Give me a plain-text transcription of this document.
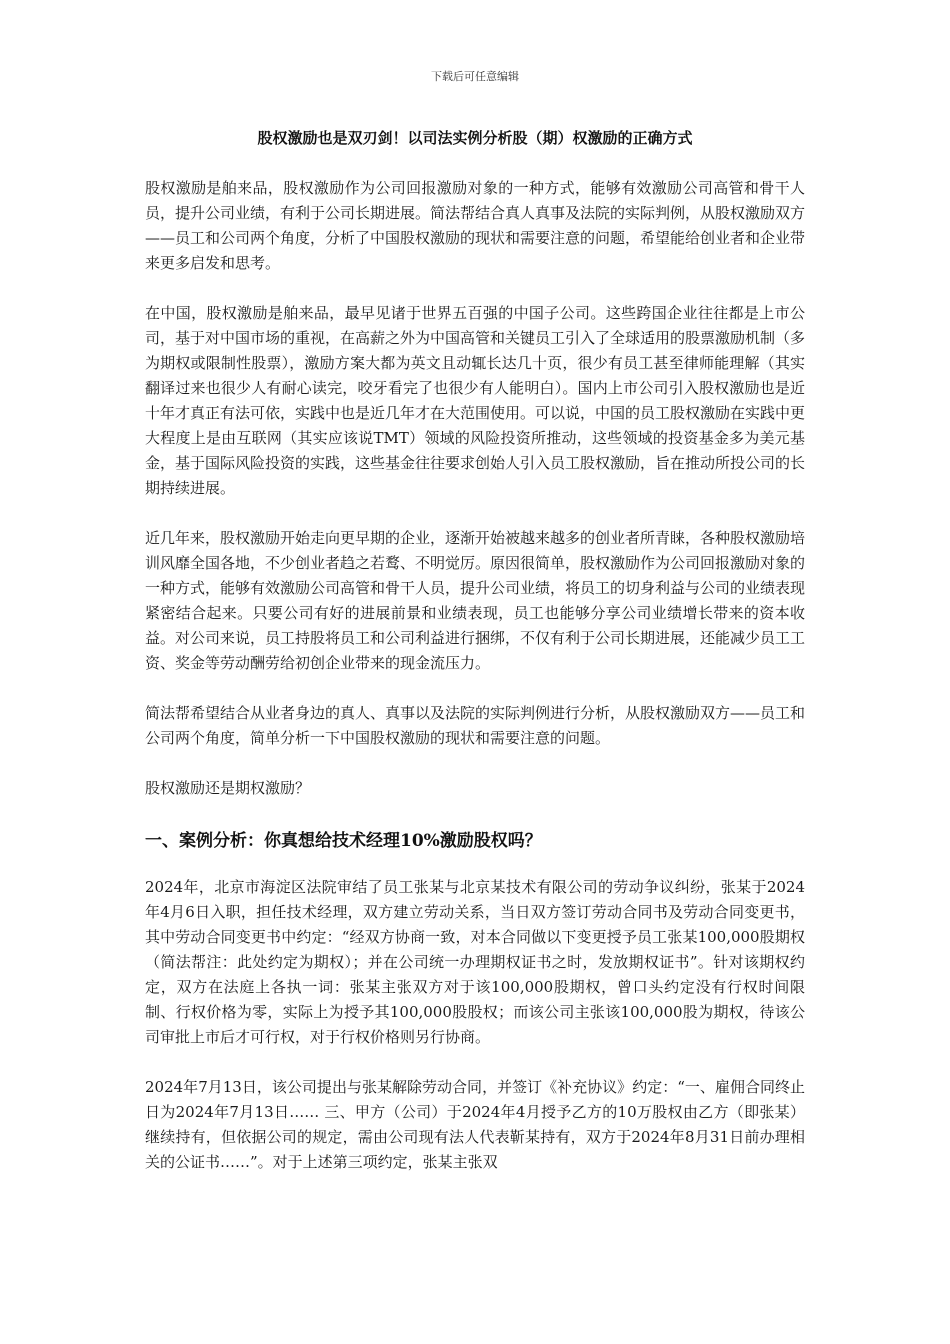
下载后可任意编辑
股权激励也是双刃剑！以司法实例分析股（期）权激励的正确方式

股权激励是舶来品，股权激励作为公司回报激励对象的一种方式，能够有效激励公司高管和骨干人员，提升公司业绩，有利于公司长期进展。简法帮结合真人真事及法院的实际判例，从股权激励双方——员工和公司两个角度，分析了中国股权激励的现状和需要注意的问题，希望能给创业者和企业带来更多启发和思考。

在中国，股权激励是舶来品，最早见诸于世界五百强的中国子公司。这些跨国企业往往都是上市公司，基于对中国市场的重视，在高薪之外为中国高管和关键员工引入了全球适用的股票激励机制（多为期权或限制性股票），激励方案大都为英文且动辄长达几十页，很少有员工甚至律师能理解（其实翻译过来也很少人有耐心读完，咬牙看完了也很少有人能明白）。国内上市公司引入股权激励也是近十年才真正有法可依，实践中也是近几年才在大范围使用。可以说，中国的员工股权激励在实践中更大程度上是由互联网（其实应该说TMT）领域的风险投资所推动，这些领域的投资基金多为美元基金，基于国际风险投资的实践，这些基金往往要求创始人引入员工股权激励，旨在推动所投公司的长期持续进展。

近几年来，股权激励开始走向更早期的企业，逐渐开始被越来越多的创业者所青睐，各种股权激励培训风靡全国各地，不少创业者趋之若鹜、不明觉厉。原因很简单，股权激励作为公司回报激励对象的一种方式，能够有效激励公司高管和骨干人员，提升公司业绩，将员工的切身利益与公司的业绩表现紧密结合起来。只要公司有好的进展前景和业绩表现，员工也能够分享公司业绩增长带来的资本收益。对公司来说，员工持股将员工和公司利益进行捆绑，不仅有利于公司长期进展，还能减少员工工资、奖金等劳动酬劳给初创企业带来的现金流压力。

简法帮希望结合从业者身边的真人、真事以及法院的实际判例进行分析，从股权激励双方——员工和公司两个角度，简单分析一下中国股权激励的现状和需要注意的问题。

股权激励还是期权激励？

一、案例分析：你真想给技术经理10%激励股权吗？

2024年，北京市海淀区法院审结了员工张某与北京某技术有限公司的劳动争议纠纷，张某于2024年4月6日入职，担任技术经理，双方建立劳动关系，当日双方签订劳动合同书及劳动合同变更书，其中劳动合同变更书中约定：“经双方协商一致，对本合同做以下变更授予员工张某100,000股期权（简法帮注：此处约定为期权）；并在公司统一办理期权证书之时，发放期权证书”。针对该期权约定，双方在法庭上各执一词：张某主张双方对于该100,000股期权，曾口头约定没有行权时间限制、行权价格为零，实际上为授予其100,000股股权；而该公司主张该100,000股为期权，待该公司审批上市后才可行权，对于行权价格则另行协商。

2024年7月13日，该公司提出与张某解除劳动合同，并签订《补充协议》约定：“一、雇佣合同终止日为2024年7月13日…… 三、甲方（公司）于2024年4月授予乙方的10万股权由乙方（即张某）继续持有，但依据公司的规定，需由公司现有法人代表靳某持有，双方于2024年8月31日前办理相关的公证书……”。对于上述第三项约定，张某主张双
